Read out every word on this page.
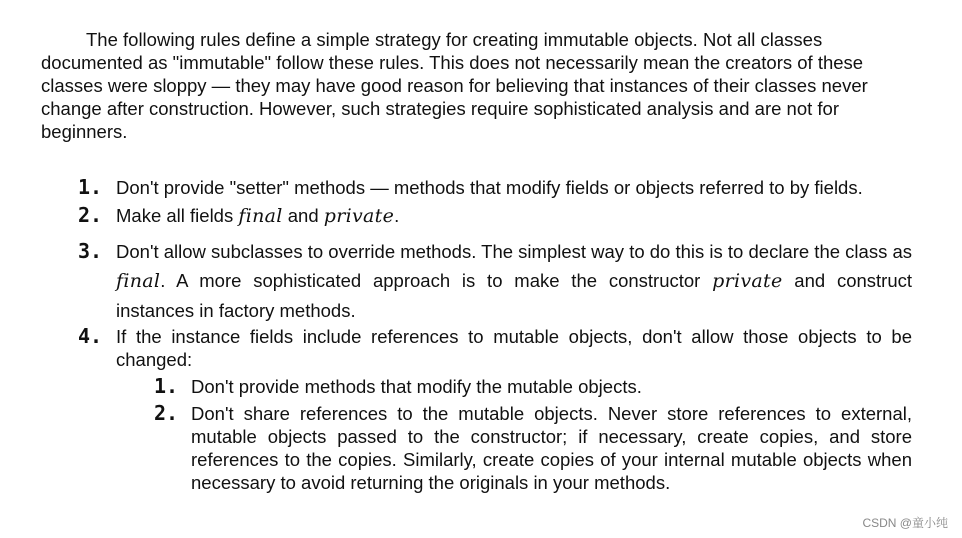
The following rules define a simple strategy for creating immutable objects. Not all classes documented as "immutable" follow these rules. This does not necessarily mean the creators of these classes were sloppy — they may have good reason for believing that instances of their classes never change after construction. However, such strategies require sophisticated analysis and are not for beginners.

1. Don't provide "setter" methods — methods that modify fields or objects referred to by fields.
2. Make all fields final and private.
3. Don't allow subclasses to override methods. The simplest way to do this is to declare the class as final. A more sophisticated approach is to make the constructor private and construct instances in factory methods.
4. If the instance fields include references to mutable objects, don't allow those objects to be changed:
1. Don't provide methods that modify the mutable objects.
2. Don't share references to the mutable objects. Never store references to external, mutable objects passed to the constructor; if necessary, create copies, and store references to the copies. Similarly, create copies of your internal mutable objects when necessary to avoid returning the originals in your methods.
CSDN @童小纯
